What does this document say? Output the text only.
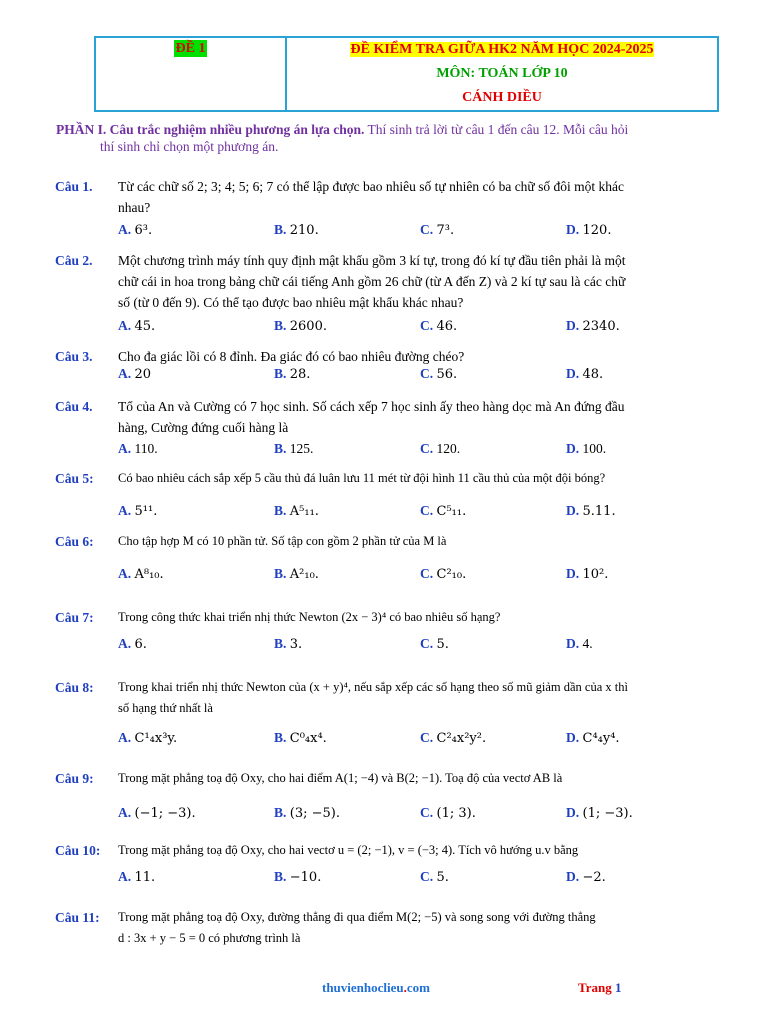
ĐỀ 1	ĐỀ KIỂM TRA GIỮA HK2 NĂM HỌC 2024-2025
MÔN: TOÁN LỚP 10
CÁNH DIỀU
PHẦN I. Câu trắc nghiệm nhiều phương án lựa chọn. Thí sinh trả lời từ câu 1 đến câu 12. Mỗi câu hỏi
thí sinh chỉ chọn một phương án.
Câu 1. Từ các chữ số 2; 3; 4; 5; 6; 7 có thể lập được bao nhiêu số tự nhiên có ba chữ số đôi một khác
nhau?
A. 6³.	B. 210.	C. 7³.	D. 120.
Câu 2. Một chương trình máy tính quy định mật khẩu gồm 3 kí tự, trong đó kí tự đầu tiên phải là một
chữ cái in hoa trong bảng chữ cái tiếng Anh gồm 26 chữ (từ A đến Z) và 2 kí tự sau là các chữ
số (từ 0 đến 9). Có thể tạo được bao nhiêu mật khẩu khác nhau?
A. 45.	B. 2600.	C. 46.	D. 2340.
Câu 3. Cho đa giác lồi có 8 đỉnh. Đa giác đó có bao nhiêu đường chéo?
A. 20	B. 28.	C. 56.	D. 48.
Câu 4. Tổ của An và Cường có 7 học sinh. Số cách xếp 7 học sinh ấy theo hàng dọc mà An đứng đầu
hàng, Cường đứng cuối hàng là
A. 110.	B. 125.	C. 120.	D. 100.
Câu 5: Có bao nhiêu cách sắp xếp 5 cầu thủ đá luân lưu 11 mét từ đội hình 11 cầu thủ của một đội bóng?
A. 5¹¹.	B. A⁵₁₁.	C. C⁵₁₁.	D. 5.11.
Câu 6: Cho tập hợp M có 10 phần tử. Số tập con gồm 2 phần tử của M là
A. A⁸₁₀.	B. A²₁₀.	C. C²₁₀.	D. 10².
Câu 7: Trong công thức khai triển nhị thức Newton (2x − 3)⁴ có bao nhiêu số hạng?
A. 6.	B. 3.	C. 5.	D. 4.
Câu 8: Trong khai triển nhị thức Newton của (x + y)⁴, nếu sắp xếp các số hạng theo số mũ giảm dần của x thì
số hạng thứ nhất là
A. C¹₄x³y.	B. C⁰₄x⁴.	C. C²₄x²y².	D. C⁴₄y⁴.
Câu 9: Trong mặt phẳng toạ độ Oxy, cho hai điểm A(1; −4) và B(2; −1). Toạ độ của vectơ AB là
A. (−1; −3).	B. (3; −5).	C. (1; 3).	D. (1; −3).
Câu 10: Trong mặt phẳng toạ độ Oxy, cho hai vectơ u = (2; −1), v = (−3; 4). Tích vô hướng u.v bằng
A. 11.	B. −10.	C. 5.	D. −2.
Câu 11: Trong mặt phẳng toạ độ Oxy, đường thẳng đi qua điểm M(2; −5) và song song với đường thẳng
d : 3x + y − 5 = 0 có phương trình là
thuvienhoclieu.com	Trang 1
